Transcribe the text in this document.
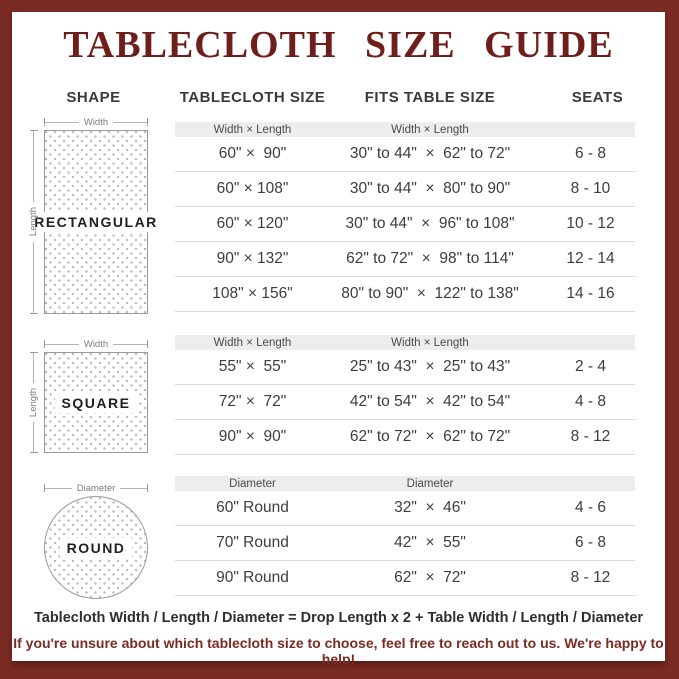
TABLECLOTH SIZE GUIDE
SHAPE	TABLECLOTH SIZE	FITS TABLE SIZE	SEATS
Width
Length
RECTANGULAR
Width × Length	Width × Length
60" ×  90"	30" to 44"  ×  62" to 72"	6 - 8
60" × 108"	30" to 44"  ×  80" to 90"	8 - 10
60" × 120"	30" to 44"  ×  96" to 108"	10 - 12
90" × 132"	62" to 72"  ×  98" to 114"	12 - 14
108" × 156"	80" to 90"  ×  122" to 138"	14 - 16
Width
Length	SQUARE
Width × Length	Width × Length
55" ×  55"	25" to 43"  ×  25" to 43"	2 - 4
72" ×  72"	42" to 54"  ×  42" to 54"	4 - 8
90" ×  90"	62" to 72"  ×  62" to 72"	8 - 12
Diameter
ROUND
Diameter	Diameter
60" Round	32"  ×  46"	4 - 6
70" Round	42"  ×  55"	6 - 8
90" Round	62"  ×  72"	8 - 12

Tablecloth Width / Length / Diameter = Drop Length x 2 + Table Width / Length / Diameter

If you're unsure about which tablecloth size to choose, feel free to reach out to us. We're happy to help!
